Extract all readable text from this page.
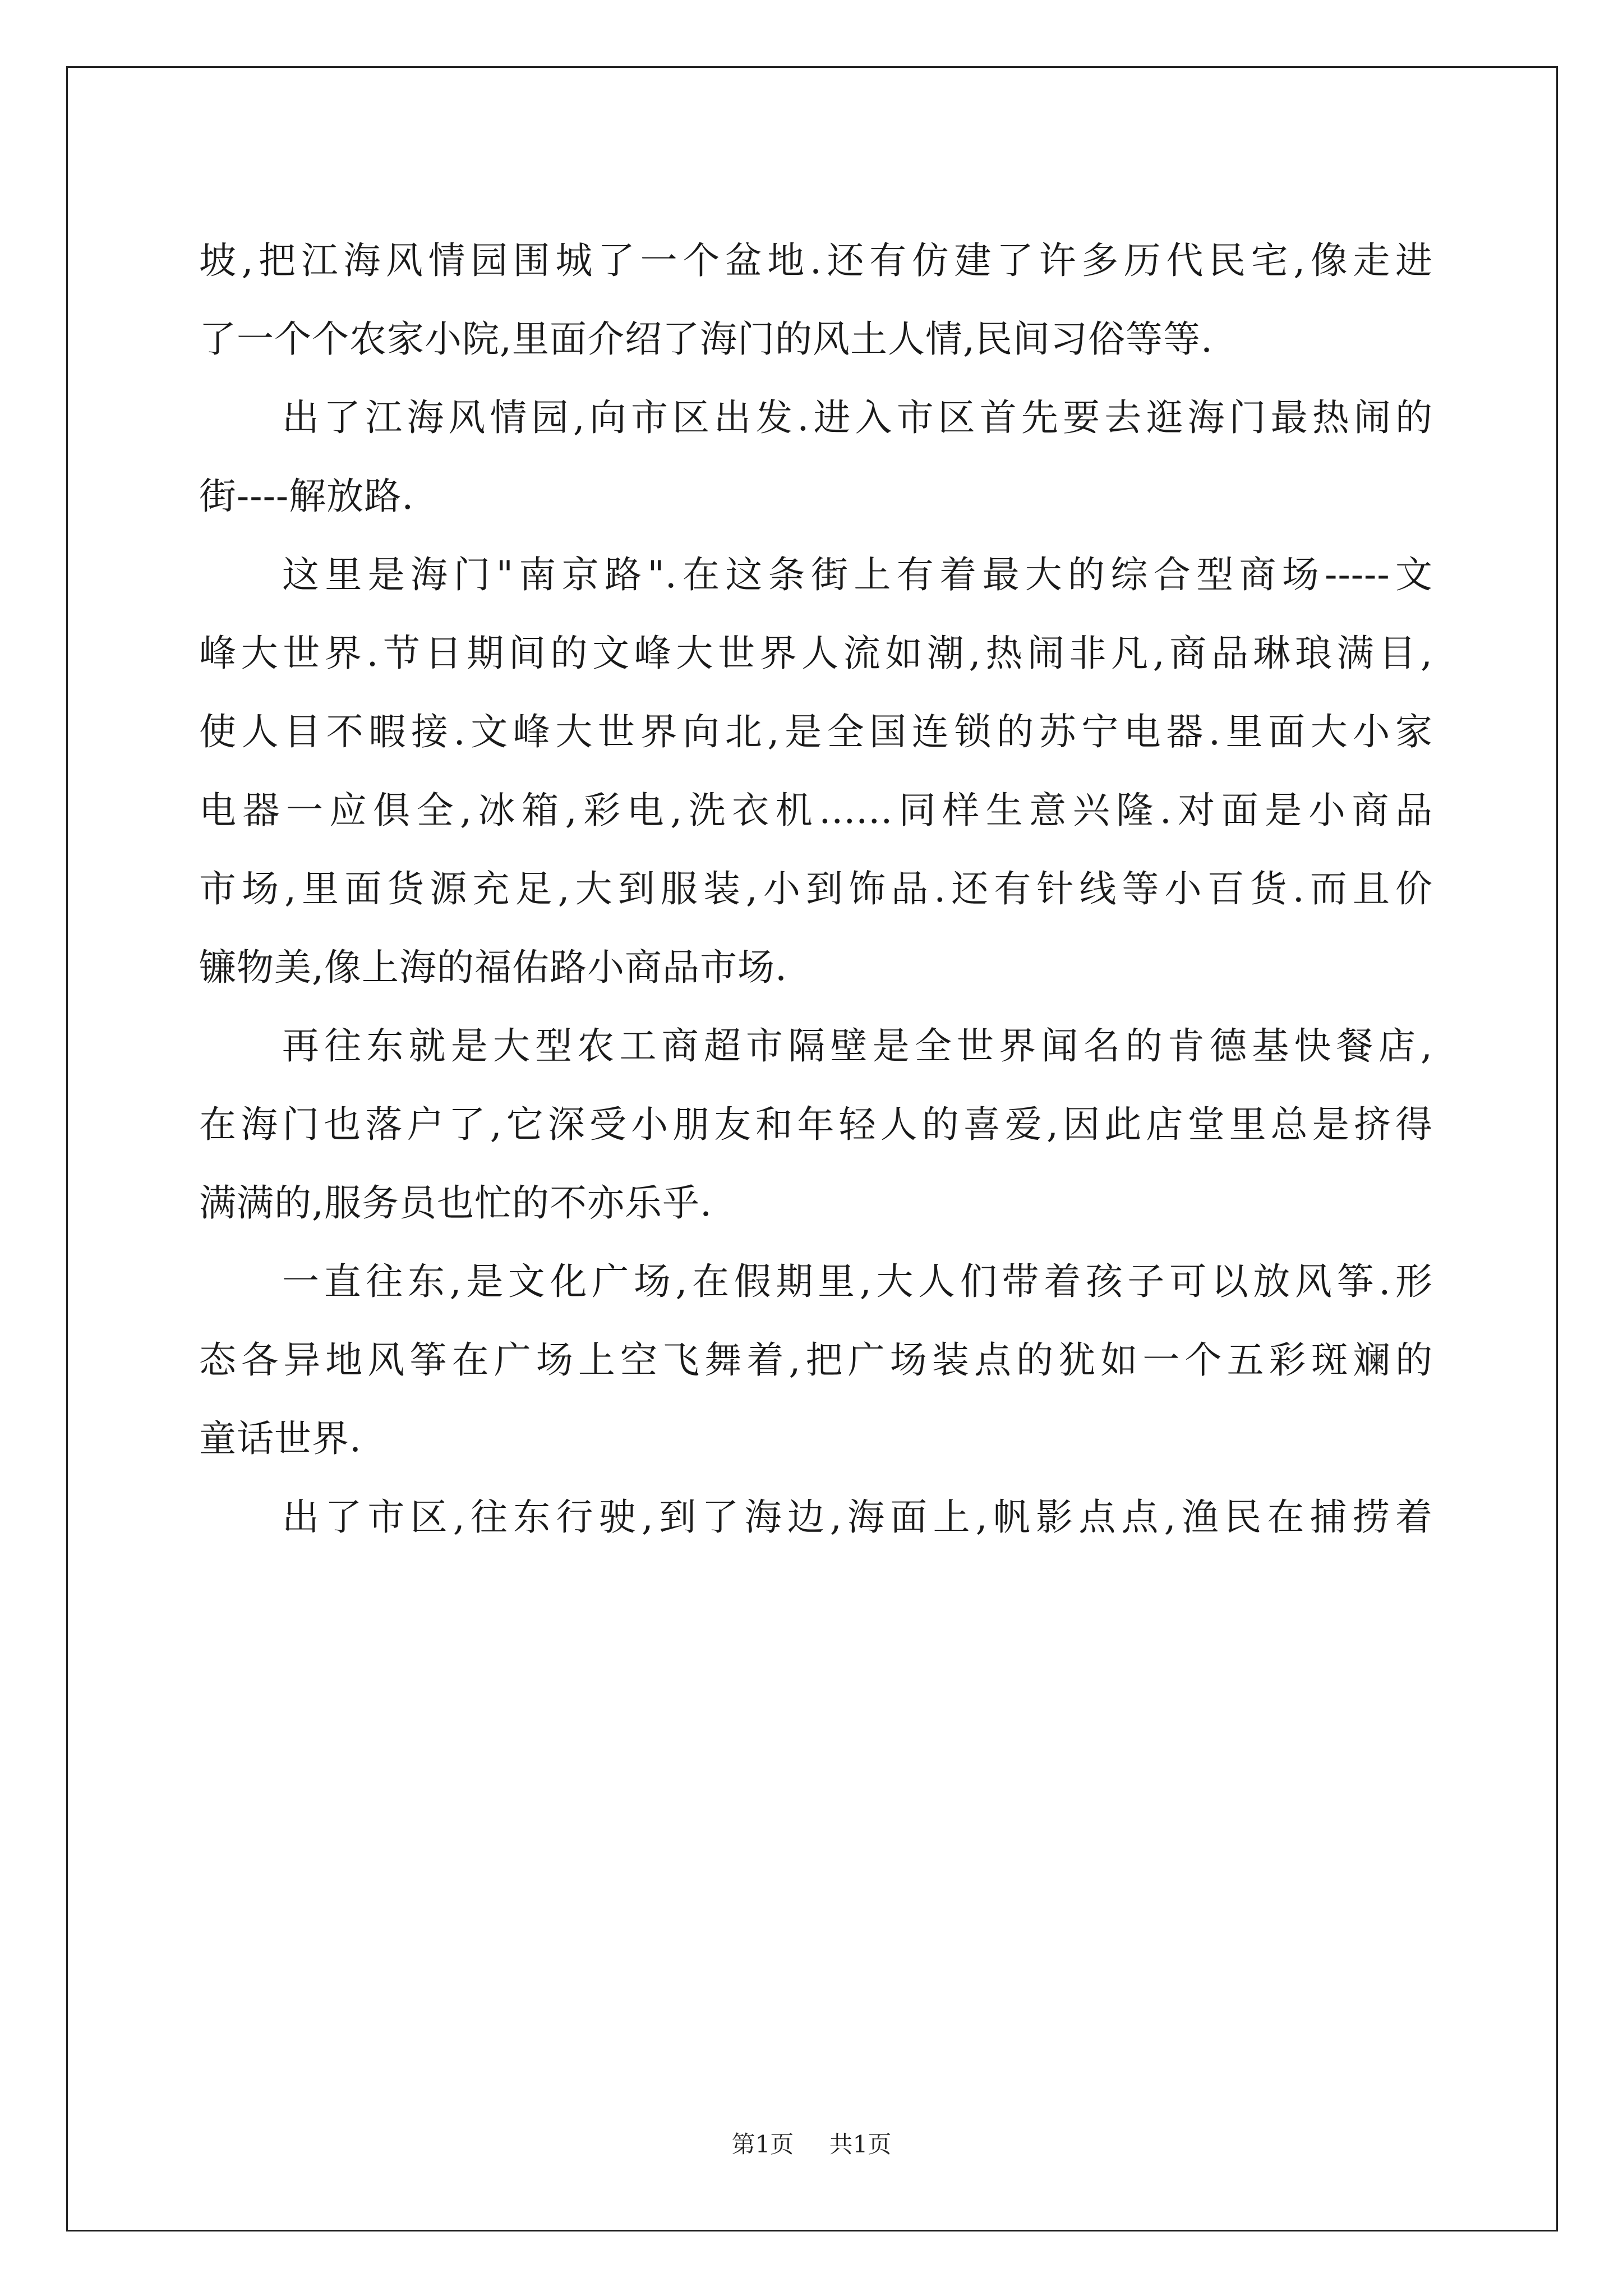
坡,把江海风情园围城了一个盆地.还有仿建了许多历代民宅,像走进
了一个个农家小院,里面介绍了海门的风土人情,民间习俗等等.
出了江海风情园,向市区出发.进入市区首先要去逛海门最热闹的
街----解放路.
这里是海门"南京路".在这条街上有着最大的综合型商场-----文
峰大世界.节日期间的文峰大世界人流如潮,热闹非凡,商品琳琅满目,
使人目不暇接.文峰大世界向北,是全国连锁的苏宁电器.里面大小家
电器一应俱全,冰箱,彩电,洗衣机......同样生意兴隆.对面是小商品
市场,里面货源充足,大到服装,小到饰品.还有针线等小百货.而且价
镰物美,像上海的福佑路小商品市场.
再往东就是大型农工商超市隔壁是全世界闻名的肯德基快餐店,
在海门也落户了,它深受小朋友和年轻人的喜爱,因此店堂里总是挤得
满满的,服务员也忙的不亦乐乎.
一直往东,是文化广场,在假期里,大人们带着孩子可以放风筝.形
态各异地风筝在广场上空飞舞着,把广场装点的犹如一个五彩斑斓的
童话世界.
出了市区,往东行驶,到了海边,海面上,帆影点点,渔民在捕捞着
第1页 共1页
